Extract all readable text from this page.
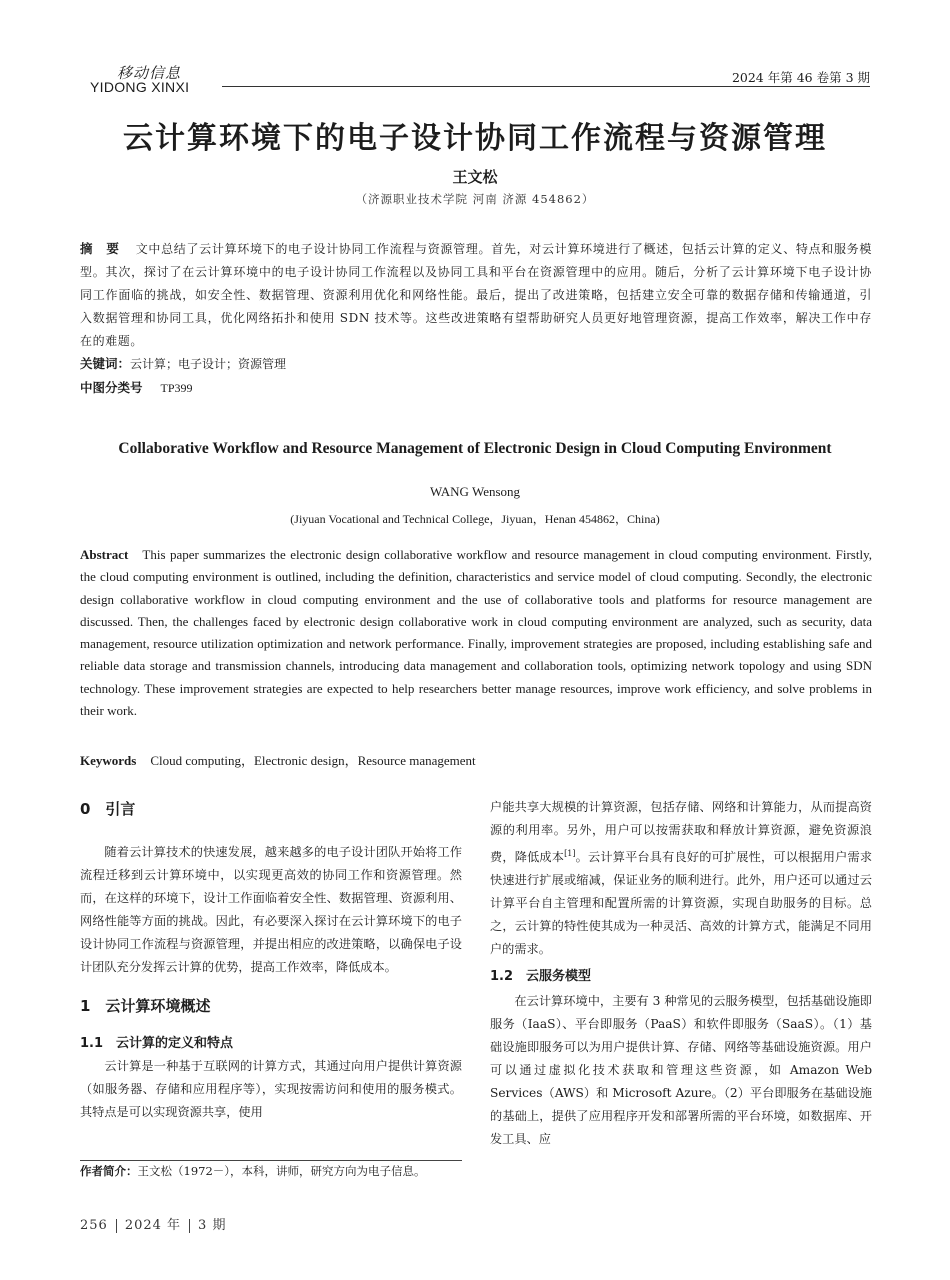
移动信息
YIDONG XINXI
2024 年第 46 卷第 3 期
云计算环境下的电子设计协同工作流程与资源管理
王文松
（济源职业技术学院 河南 济源 454862）
摘　要 文中总结了云计算环境下的电子设计协同工作流程与资源管理。首先，对云计算环境进行了概述，包括云计算的定义、特点和服务模型。其次，探讨了在云计算环境中的电子设计协同工作流程以及协同工具和平台在资源管理中的应用。随后，分析了云计算环境下电子设计协同工作面临的挑战，如安全性、数据管理、资源利用优化和网络性能。最后，提出了改进策略，包括建立安全可靠的数据存储和传输通道，引入数据管理和协同工具，优化网络拓扑和使用 SDN 技术等。这些改进策略有望帮助研究人员更好地管理资源，提高工作效率，解决工作中存在的难题。
关键词：云计算；电子设计；资源管理
中图分类号 TP399
Collaborative Workflow and Resource Management of Electronic Design in Cloud Computing Environment
WANG Wensong
(Jiyuan Vocational and Technical College，Jiyuan，Henan 454862，China)
Abstract This paper summarizes the electronic design collaborative workflow and resource management in cloud computing environment. Firstly, the cloud computing environment is outlined, including the definition, characteristics and service model of cloud computing. Secondly, the electronic design collaborative workflow in cloud computing environment and the use of collaborative tools and platforms for resource management are discussed. Then, the challenges faced by electronic design collaborative work in cloud computing environment are analyzed, such as security, data management, resource utilization optimization and network performance. Finally, improvement strategies are proposed, including establishing safe and reliable data storage and transmission channels, introducing data management and collaboration tools, optimizing network topology and using SDN technology. These improvement strategies are expected to help researchers better manage resources, improve work efficiency, and solve problems in their work.
Keywords Cloud computing，Electronic design，Resource management
0　引言

随着云计算技术的快速发展，越来越多的电子设计团队开始将工作流程迁移到云计算环境中，以实现更高效的协同工作和资源管理。然而，在这样的环境下，设计工作面临着安全性、数据管理、资源利用、网络性能等方面的挑战。因此，有必要深入探讨在云计算环境下的电子设计协同工作流程与资源管理，并提出相应的改进策略，以确保电子设计团队充分发挥云计算的优势，提高工作效率，降低成本。

1　云计算环境概述
1.1　云计算的定义和特点

云计算是一种基于互联网的计算方式，其通过向用户提供计算资源（如服务器、存储和应用程序等），实现按需访问和使用的服务模式。其特点是可以实现资源共享，使用

户能共享大规模的计算资源，包括存储、网络和计算能力，从而提高资源的利用率。另外，用户可以按需获取和释放计算资源，避免资源浪费，降低成本[1]。云计算平台具有良好的可扩展性，可以根据用户需求快速进行扩展或缩减，保证业务的顺利进行。此外，用户还可以通过云计算平台自主管理和配置所需的计算资源，实现自助服务的目标。总之，云计算的特性使其成为一种灵活、高效的计算方式，能满足不同用户的需求。

1.2　云服务模型

在云计算环境中，主要有 3 种常见的云服务模型，包括基础设施即服务（IaaS）、平台即服务（PaaS）和软件即服务（SaaS）。（1）基础设施即服务可以为用户提供计算、存储、网络等基础设施资源。用户可以通过虚拟化技术获取和管理这些资源，如 Amazon Web Services（AWS）和 Microsoft Azure。（2）平台即服务在基础设施的基础上，提供了应用程序开发和部署所需的平台环境，如数据库、开发工具、应

作者简介：王文松（1972－），本科，讲师，研究方向为电子信息。
256 2024 年 3 期
